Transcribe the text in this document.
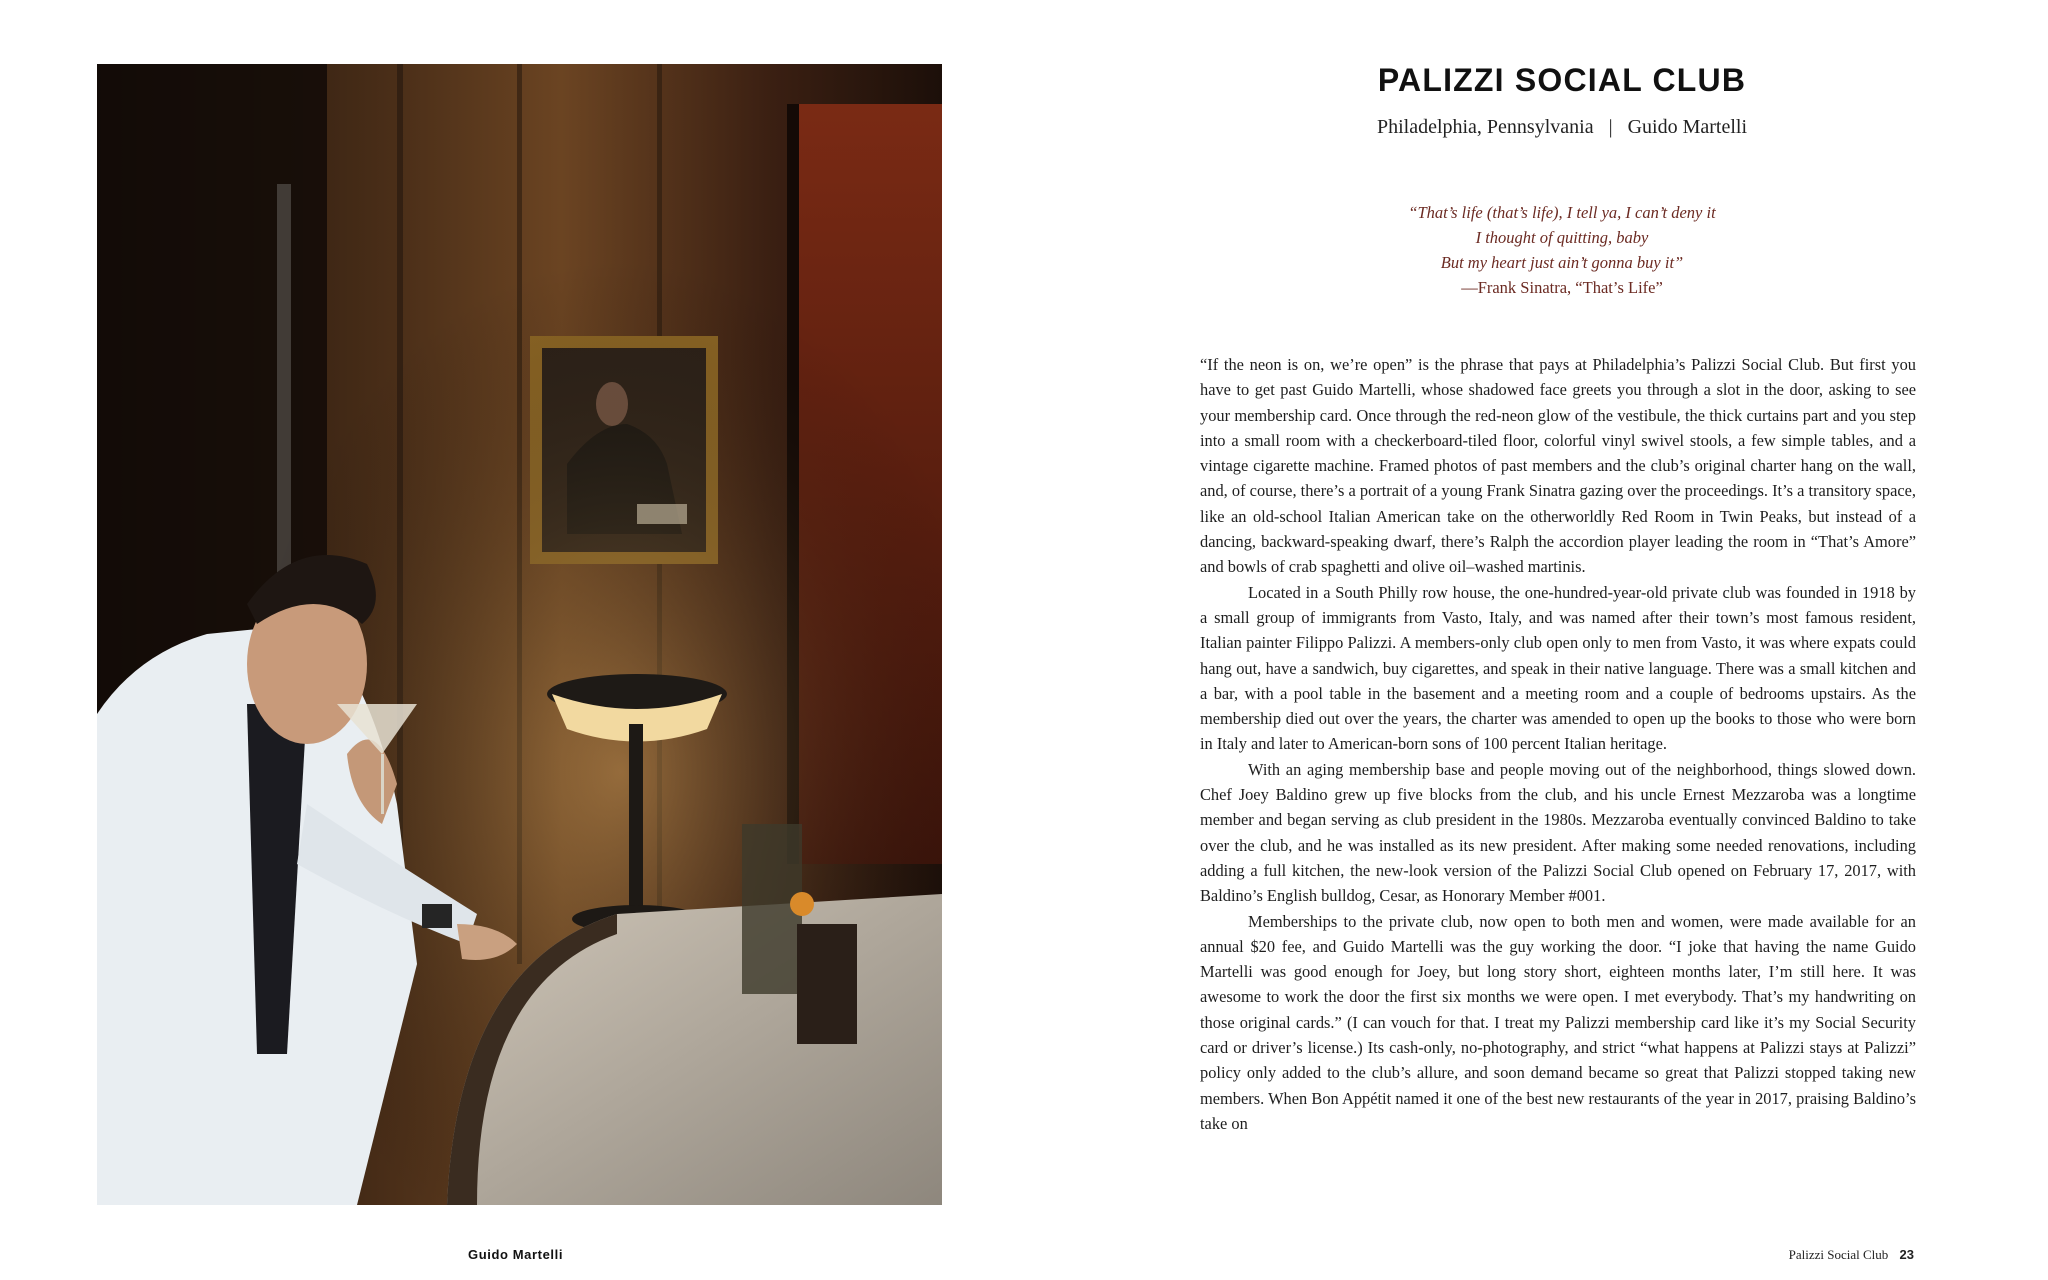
Guido Martelli
PALIZZI SOCIAL CLUB
Philadelphia, Pennsylvania | Guido Martelli
“That’s life (that’s life), I tell ya, I can’t deny it
I thought of quitting, baby
But my heart just ain’t gonna buy it”
—Frank Sinatra, “That’s Life”

“If the neon is on, we’re open” is the phrase that pays at Philadelphia’s Palizzi Social Club. But first you have to get past Guido Martelli, whose shadowed face greets you through a slot in the door, asking to see your membership card. Once through the red-neon glow of the vestibule, the thick curtains part and you step into a small room with a checkerboard-tiled floor, colorful vinyl swivel stools, a few simple tables, and a vintage cigarette machine. Framed photos of past members and the club’s original charter hang on the wall, and, of course, there’s a portrait of a young Frank Sinatra gazing over the proceedings. It’s a transitory space, like an old-school Italian American take on the otherworldly Red Room in Twin Peaks, but instead of a dancing, backward-speaking dwarf, there’s Ralph the accordion player leading the room in “That’s Amore” and bowls of crab spaghetti and olive oil–washed martinis.

Located in a South Philly row house, the one-hundred-year-old private club was founded in 1918 by a small group of immigrants from Vasto, Italy, and was named after their town’s most famous resident, Italian painter Filippo Palizzi. A members-only club open only to men from Vasto, it was where expats could hang out, have a sandwich, buy cigarettes, and speak in their native language. There was a small kitchen and a bar, with a pool table in the basement and a meeting room and a couple of bedrooms upstairs. As the membership died out over the years, the charter was amended to open up the books to those who were born in Italy and later to American-born sons of 100 percent Italian heritage.

With an aging membership base and people moving out of the neighborhood, things slowed down. Chef Joey Baldino grew up five blocks from the club, and his uncle Ernest Mezzaroba was a longtime member and began serving as club president in the 1980s. Mezzaroba eventually convinced Baldino to take over the club, and he was installed as its new president. After making some needed renovations, including adding a full kitchen, the new-look version of the Palizzi Social Club opened on February 17, 2017, with Baldino’s English bulldog, Cesar, as Honorary Member #001.

Memberships to the private club, now open to both men and women, were made available for an annual $20 fee, and Guido Martelli was the guy working the door. “I joke that having the name Guido Martelli was good enough for Joey, but long story short, eighteen months later, I’m still here. It was awesome to work the door the first six months we were open. I met everybody. That’s my handwriting on those original cards.” (I can vouch for that. I treat my Palizzi membership card like it’s my Social Security card or driver’s license.) Its cash-only, no-photography, and strict “what happens at Palizzi stays at Palizzi” policy only added to the club’s allure, and soon demand became so great that Palizzi stopped taking new members. When Bon Appétit named it one of the best new restaurants of the year in 2017, praising Baldino’s take on

Palizzi Social Club 23
